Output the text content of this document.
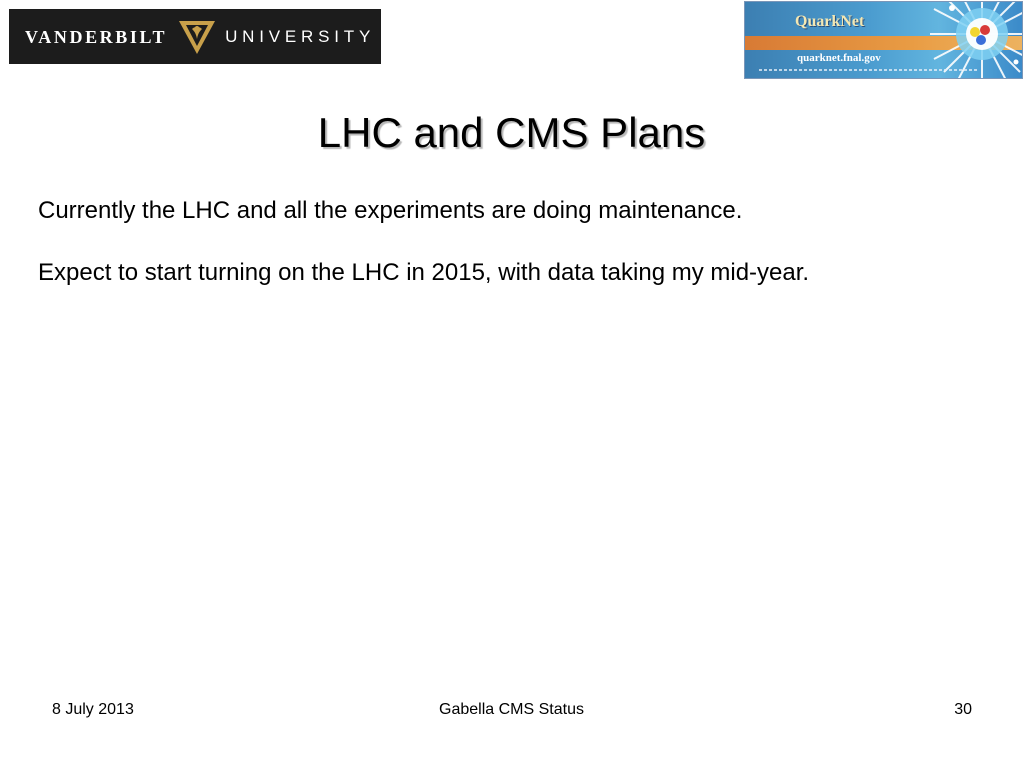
VANDERBILT	UNIVERSITY
QuarkNet
quarknet.fnal.gov
LHC and CMS Plans

Currently the LHC and all the experiments are doing maintenance.

Expect to start turning on the LHC in 2015, with data taking my mid-year.

8 July 2013	Gabella CMS Status	30
